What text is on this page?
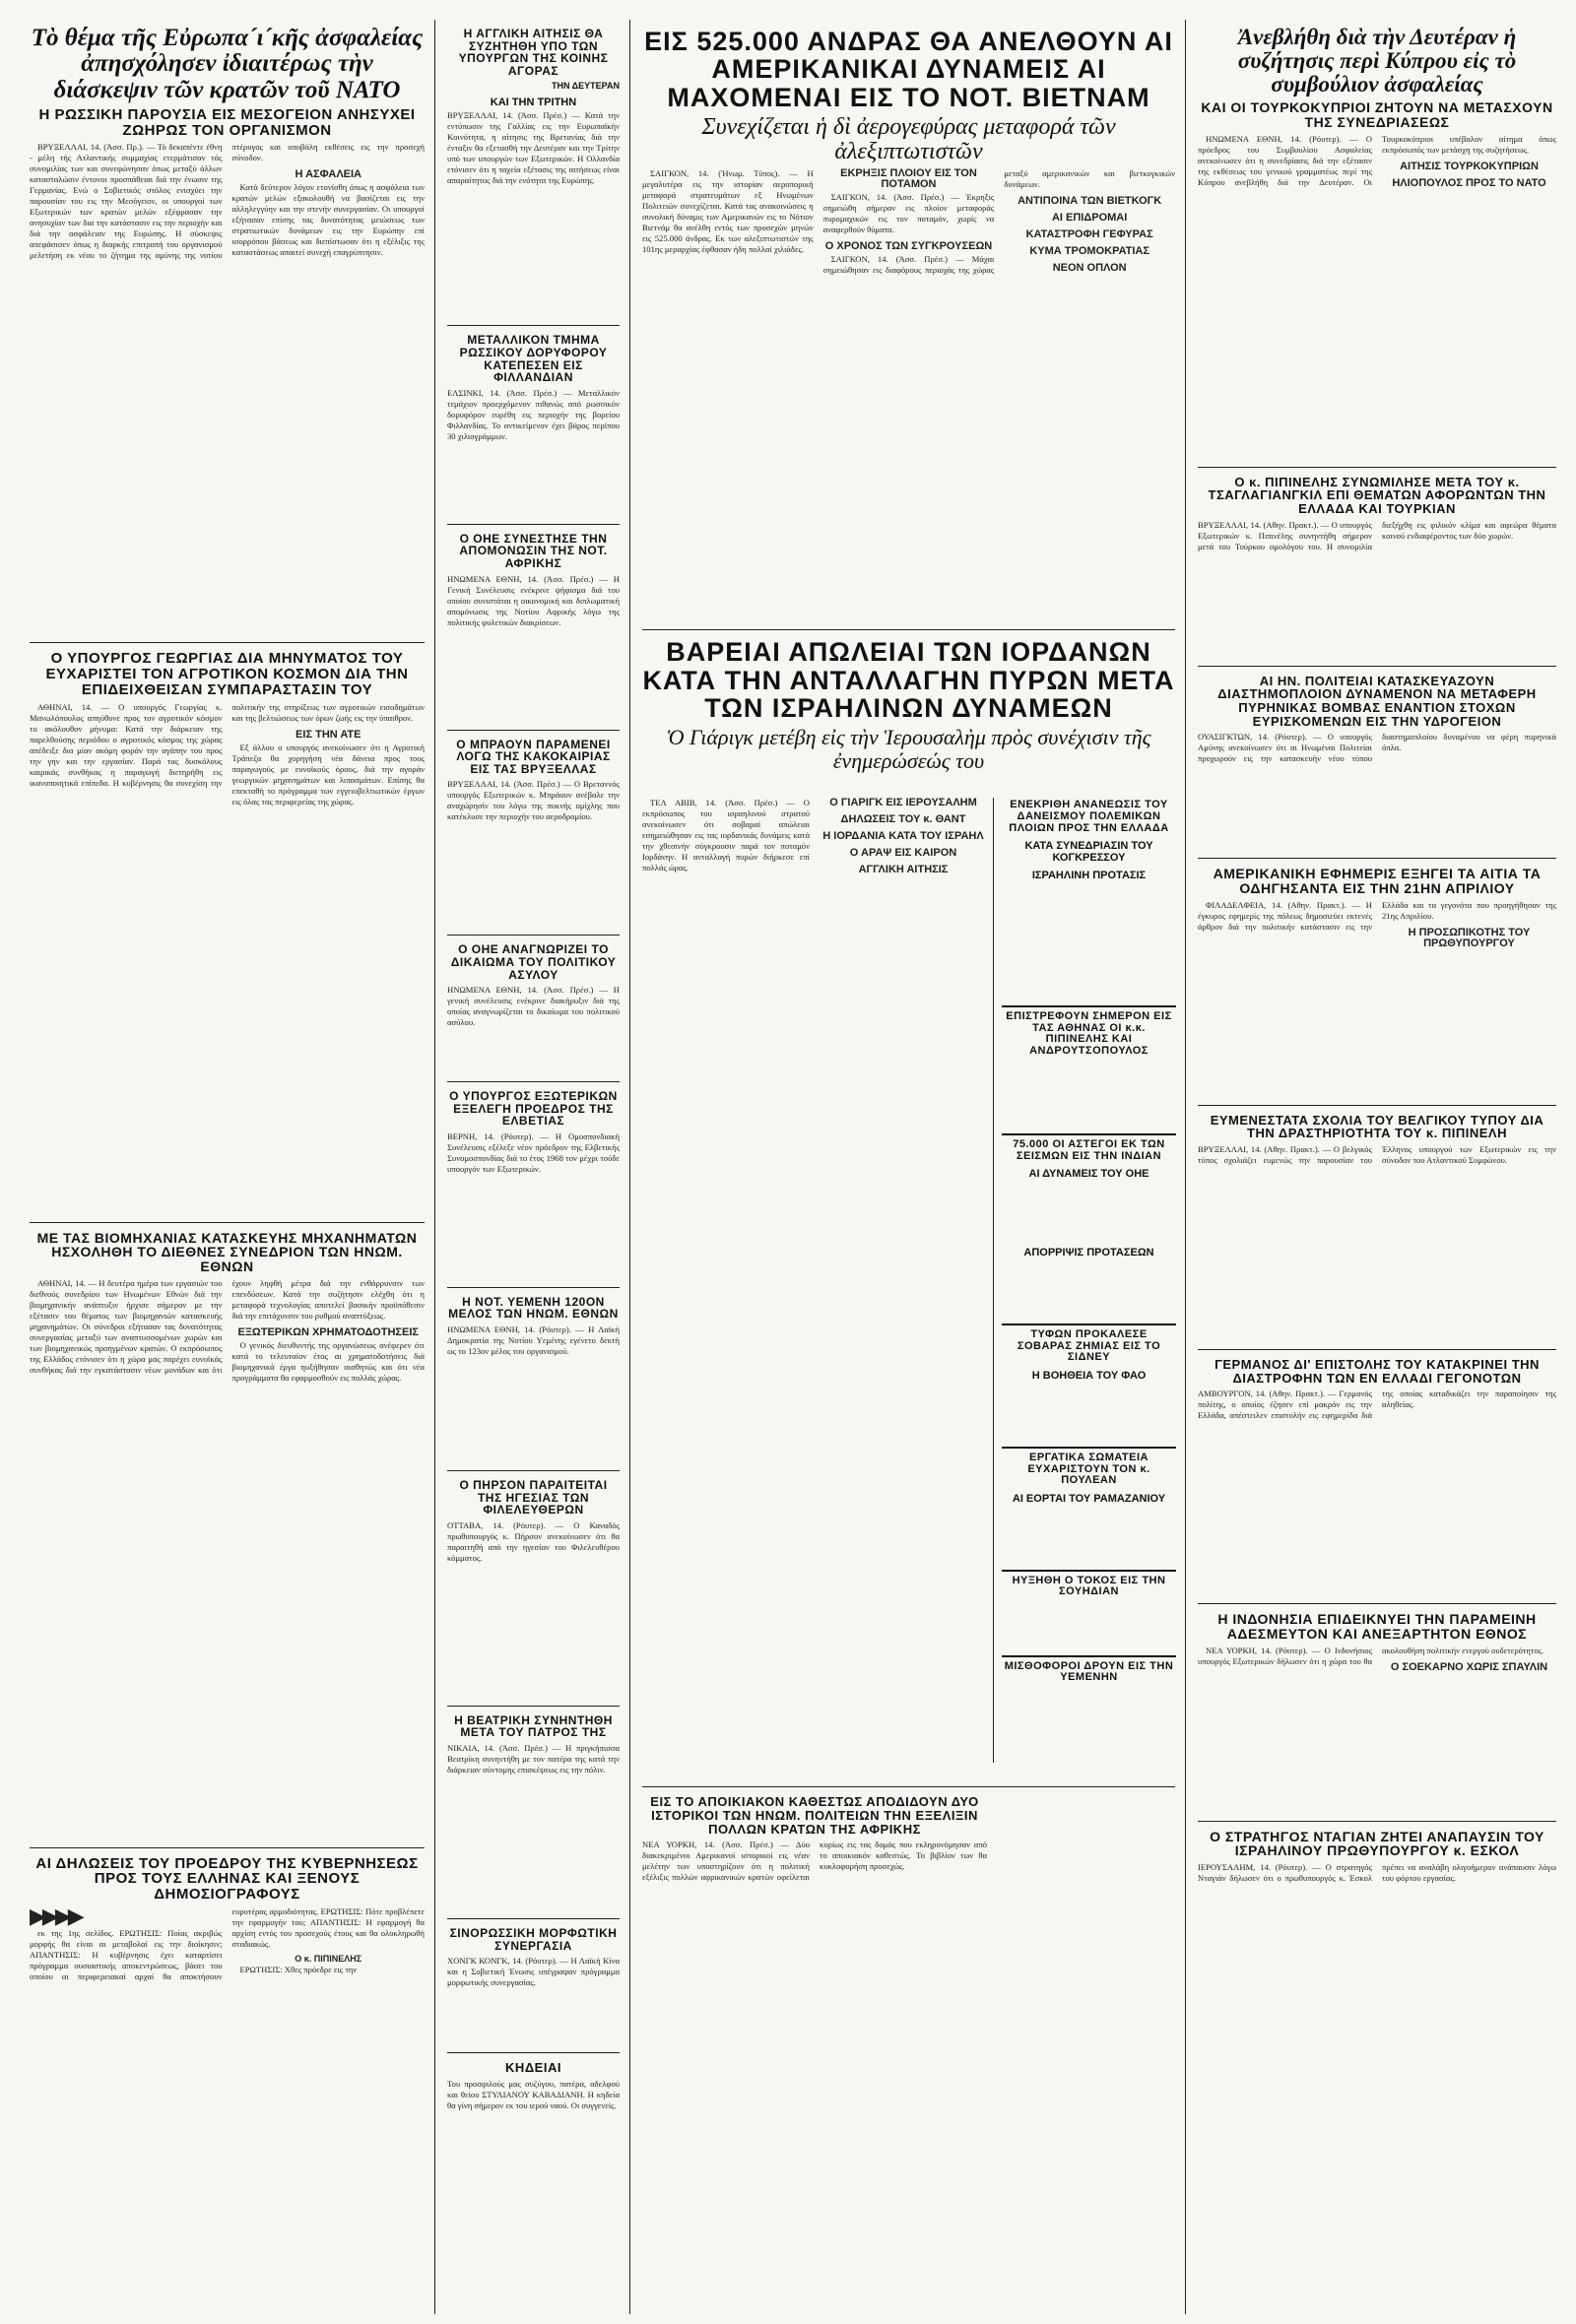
Τὸ θέμα τῆς Εὐρωπα´ι´κῆς ἀσφαλείας ἀπησχόλησεν ἰδιαιτέρως τὴν διάσκεψιν τῶν κρατῶν τοῦ ΝΑΤΟ
Η ΡΩΣΣΙΚΗ ΠΑΡΟΥΣΙΑ ΕΙΣ ΜΕΣΟΓΕΙΟΝ ΑΝΗΣΥΧΕΙ ΖΩΗΡΩΣ ΤΟΝ ΟΡΓΑΝΙΣΜΟΝ

ΒΡΥΞΕΛΛΑΙ, 14. (Ἀσσ. Πρ.). — Τό δεκαπέντε έθνη - μέλη τής Ατλαντικής συμμαχίας ετερμάτισαν τάς συνομιλίας των και συνεφώνησαν όπως μεταξύ άλλων κατασταλώσιν έντονοι προσπάθειαι διά την ένωσιν της Γερμανίας. Ενώ ο Σοβιετικός στόλος ενισχύει την παρουσίαν του εις την Μεσόγειον, οι υπουργοί των Εξωτερικών των κρατών μελών εξέφρασαν την ανησυχίαν των δια την κατάστασιν εις την περιοχήν και διά την ασφάλειαν της Ευρώπης. Η σύσκεψις απεφάσισεν όπως η διαρκής επιτροπή του οργανισμού μελετήση εκ νέου το ζήτημα της αμύνης της νοτίου πτέρυγος και υποβάλη εκθέσεις εις την προσεχή σύνοδον.

Η ΑΣΦΑΛΕΙΑ

Κατά δεύτερον λόγον ετονίσθη όπως η ασφάλεια των κρατών μελών εξακολουθή να βασίζεται εις την αλληλεγγύην και την στενήν συνεργασίαν. Οι υπουργοί εξήτασαν επίσης τας δυνατότητας μειώσεως των στρατιωτικών δυνάμεων εις την Ευρώπην επί ισορρόπου βάσεως και διεπίστωσαν ότι η εξέλιξις της καταστάσεως απαιτεί συνεχή επαγρύπνησιν.

Ο ΥΠΟΥΡΓΟΣ ΓΕΩΡΓΙΑΣ ΔΙΑ ΜΗΝΥΜΑΤΟΣ ΤΟΥ ΕΥΧΑΡΙΣΤΕΙ ΤΟΝ ΑΓΡΟΤΙΚΟΝ ΚΟΣΜΟΝ ΔΙΑ ΤΗΝ ΕΠΙΔΕΙΧΘΕΙΣΑΝ ΣΥΜΠΑΡΑΣΤΑΣΙΝ ΤΟΥ

ΑΘΗΝΑΙ, 14. — Ο υπουργός Γεωργίας κ. Μανωλόπουλος απηύθυνε προς τον αγροτικόν κόσμον το ακόλουθον μήνυμα: Κατά την διάρκειαν της παρελθούσης περιόδου ο αγροτικός κόσμος της χώρας απέδειξε δια μίαν ακόμη φοράν την αγάπην του προς την γην και την εργασίαν. Παρά τας δυσκόλους καιρικάς συνθήκας η παραγωγή διετηρήθη εις ικανοποιητικά επίπεδα. Η κυβέρνησις θα συνεχίση την πολιτικήν της στηρίξεως των αγροτικών εισοδημάτων και της βελτιώσεως των όρων ζωής εις την ύπαιθρον.

ΕΙΣ ΤΗΝ ΑΤΕ

Εξ άλλου ο υπουργός ανεκοίνωσεν ότι η Αγροτική Τράπεζα θα χορηγήση νέα δάνεια προς τους παραγωγούς με ευνοϊκούς όρους, διά την αγοράν γεωργικών μηχανημάτων και λιπασμάτων. Επίσης θα επεκταθή το πρόγραμμα των εγγειοβελτιωτικών έργων εις όλας τας περιφερείας της χώρας.

ΜΕ ΤΑΣ ΒΙΟΜΗΧΑΝΙΑΣ ΚΑΤΑΣΚΕΥΗΣ ΜΗΧΑΝΗΜΑΤΩΝ ΗΣΧΟΛΗΘΗ ΤΟ ΔΙΕΘΝΕΣ ΣΥΝΕΔΡΙΟΝ ΤΩΝ ΗΝΩΜ. ΕΘΝΩΝ

ΑΘΗΝΑΙ, 14. — Η δευτέρα ημέρα των εργασιών του διεθνούς συνεδρίου των Ηνωμένων Εθνών διά την βιομηχανικήν ανάπτυξιν ήρχισε σήμερον με την εξέτασιν του θέματος των βιομηχανιών κατασκευής μηχανημάτων. Οι σύνεδροι εξήτασαν τας δυνατότητας συνεργασίας μεταξύ των αναπτυσσομένων χωρών και των βιομηχανικώς προηγμένων κρατών. Ο εκπρόσωπος της Ελλάδος ετόνισεν ότι η χώρα μας παρέχει ευνοϊκάς συνθήκας διά την εγκατάστασιν νέων μονάδων και ότι έχουν ληφθή μέτρα διά την ενθάρρυνσιν των επενδύσεων. Κατά την συζήτησιν ελέχθη ότι η μεταφορά τεχνολογίας αποτελεί βασικήν προϋπόθεσιν διά την επιτάχυνσιν του ρυθμού αναπτύξεως.

ΕΞΩΤΕΡΙΚΩΝ ΧΡΗΜΑΤΟΔΟΤΗΣΕΙΣ

Ο γενικός διευθυντής της οργανώσεως ανέφερεν ότι κατά το τελευταίον έτος αι χρηματοδοτήσεις διά βιομηχανικά έργα ηυξήθησαν αισθητώς και ότι νέα προγράμματα θα εφαρμοσθούν εις πολλάς χώρας.

ΑΙ ΔΗΛΩΣΕΙΣ ΤΟΥ ΠΡΟΕΔΡΟΥ ΤΗΣ ΚΥΒΕΡΝΗΣΕΩΣ ΠΡΟΣ ΤΟΥΣ ΕΛΛΗΝΑΣ ΚΑΙ ΞΕΝΟΥΣ ΔΗΜΟΣΙΟΓΡΑΦΟΥΣ
▶▶▶▶

εκ της 1ης σελίδος. ΕΡΩΤΗΣΙΣ: Ποίας ακριβώς μορφής θα είναι αι μεταβολαί εις την διοίκησιν; ΑΠΑΝΤΗΣΙΣ: Η κυβέρνησις έχει καταρτίσει πρόγραμμα ουσιαστικής αποκεντρώσεως, βάσει του οποίου αι περιφερειακαί αρχαί θα αποκτήσουν ευρυτέρας αρμοδιότητας. ΕΡΩΤΗΣΙΣ: Πότε προβλέπετε την εφαρμογήν του; ΑΠΑΝΤΗΣΙΣ: Η εφαρμογή θα αρχίση εντός του προσεχούς έτους και θα ολοκληρωθή σταδιακώς.

Ο κ. ΠΙΠΙΝΕΛΗΣ

ΕΡΩΤΗΣΙΣ: Χθες πρόεδρε εις την

Η ΑΓΓΛΙΚΗ ΑΙΤΗΣΙΣ ΘΑ ΣΥΖΗΤΗΘΗ ΥΠΟ ΤΩΝ ΥΠΟΥΡΓΩΝ ΤΗΣ ΚΟΙΝΗΣ ΑΓΟΡΑΣ
ΤΗΝ ΔΕΥΤΕΡΑΝ
ΚΑΙ ΤΗΝ ΤΡΙΤΗΝ
ΒΡΥΞΕΛΛΑΙ, 14. (Ἀσσ. Πρέσ.) — Κατά την εντύπωσιν της Γαλλίας εις την Ευρωπαϊκήν Κοινότητα, η αίτησις της Βρετανίας διά την ένταξιν θα εξετασθή την Δευτέραν και την Τρίτην υπό των υπουργών των Εξωτερικών. Η Ολλανδία ετόνισεν ότι η ταχεία εξέτασις της αιτήσεως είναι απαραίτητος διά την ενότητα της Ευρώπης.
ΜΕΤΑΛΛΙΚΟΝ ΤΜΗΜΑ ΡΩΣΣΙΚΟΥ ΔΟΡΥΦΟΡΟΥ ΚΑΤΕΠΕΣΕΝ ΕΙΣ ΦΙΛΛΑΝΔΙΑΝ
ΕΛΣΙΝΚΙ, 14. (Ἀσσ. Πρέσ.) — Μεταλλικόν τεμάχιον προερχόμενον πιθανώς από ρωσσικόν δορυφόρον ευρέθη εις περιοχήν της βορείου Φιλλανδίας. Το αντικείμενον έχει βάρος περίπου 30 χιλιογράμμων.
Ο ΟΗΕ ΣΥΝΕΣΤΗΣΕ ΤΗΝ ΑΠΟΜΟΝΩΣΙΝ ΤΗΣ ΝΟΤ. ΑΦΡΙΚΗΣ
ΗΝΩΜΕΝΑ ΕΘΝΗ, 14. (Ἀσσ. Πρέσ.) — Η Γενική Συνέλευσις ενέκρινε ψήφισμα διά του οποίου συνιστάται η οικονομική και διπλωματική απομόνωσις της Νοτίου Αφρικής λόγω της πολιτικής φυλετικών διακρίσεων.
Ο ΜΠΡΑΟΥΝ ΠΑΡΑΜΕΝΕΙ ΛΟΓΩ ΤΗΣ ΚΑΚΟΚΑΙΡΙΑΣ ΕΙΣ ΤΑΣ ΒΡΥΞΕΛΛΑΣ
ΒΡΥΞΕΛΛΑΙ, 14. (Ἀσσ. Πρέσ.) — Ο Βρεταννός υπουργός Εξωτερικών κ. Μπράουν ανέβαλε την αναχώρησίν του λόγω της πυκνής ομίχλης που κατέκλυσε την περιοχήν του αεροδρομίου.
Ο ΟΗΕ ΑΝΑΓΝΩΡΙΖΕΙ ΤΟ ΔΙΚΑΙΩΜΑ ΤΟΥ ΠΟΛΙΤΙΚΟΥ ΑΣΥΛΟΥ
ΗΝΩΜΕΝΑ ΕΘΝΗ, 14. (Ἀσσ. Πρέσ.) — Η γενική συνέλευσις ενέκρινε διακήρυξιν διά της οποίας αναγνωρίζεται το δικαίωμα του πολιτικού ασύλου.
Ο ΥΠΟΥΡΓΟΣ ΕΞΩΤΕΡΙΚΩΝ ΕΞΕΛΕΓΗ ΠΡΟΕΔΡΟΣ ΤΗΣ ΕΛΒΕΤΙΑΣ
ΒΕΡΝΗ, 14. (Ρόυτερ). — Η Ομοσπονδιακή Συνέλευσις εξέλεξε νέον πρόεδρον της Ελβετικής Συνομοσπονδίας διά το έτος 1968 τον μέχρι τούδε υπουργόν των Εξωτερικών.
Η ΝΟΤ. ΥΕΜΕΝΗ 120ΟΝ ΜΕΛΟΣ ΤΩΝ ΗΝΩΜ. ΕΘΝΩΝ
ΗΝΩΜΕΝΑ ΕΘΝΗ, 14. (Ρόυτερ). — Η Λαϊκή Δημοκρατία της Νοτίου Υεμένης εγένετο δεκτή ως το 123ον μέλος του οργανισμού.
Ο ΠΗΡΣΟΝ ΠΑΡΑΙΤΕΙΤΑΙ ΤΗΣ ΗΓΕΣΙΑΣ ΤΩΝ ΦΙΛΕΛΕΥΘΕΡΩΝ
ΟΤΤΑΒΑ, 14. (Ρόυτερ). — Ο Καναδός πρωθυπουργός κ. Πήρσον ανεκοίνωσεν ότι θα παραιτηθή από την ηγεσίαν του Φιλελευθέρου κόμματος.
Η ΒΕΑΤΡΙΚΗ ΣΥΝΗΝΤΗΘΗ ΜΕΤΑ ΤΟΥ ΠΑΤΡΟΣ ΤΗΣ
ΝΙΚΑΙΑ, 14. (Ἀσσ. Πρέσ.) — Η πριγκήπισσα Βεατρίκη συνηντήθη με τον πατέρα της κατά την διάρκειαν σύντομης επισκέψεως εις την πόλιν.
ΣΙΝΟΡΩΣΣΙΚΗ ΜΟΡΦΩΤΙΚΗ ΣΥΝΕΡΓΑΣΙΑ
ΧΟΝΓΚ ΚΟΝΓΚ, 14. (Ρόυτερ). — Η Λαϊκή Κίνα και η Σοβιετική Ένωσις υπέγραψαν πρόγραμμα μορφωτικής συνεργασίας.
ΚΗΔΕΙΑΙ
Του προσφιλούς μας συζύγου, πατέρα, αδελφού και θείου ΣΤΥΛΙΑΝΟΥ ΚΑΒΑΔΙΑΝΗ. Η κηδεία θα γίνη σήμερον εκ του ιερού ναού. Οι συγγενείς.
ΕΙΣ 525.000 ΑΝΔΡΑΣ ΘΑ ΑΝΕΛΘΟΥΝ ΑΙ ΑΜΕΡΙΚΑΝΙΚΑΙ ΔΥΝΑΜΕΙΣ ΑΙ ΜΑΧΟΜΕΝΑΙ ΕΙΣ ΤΟ ΝΟΤ. ΒΙΕΤΝΑΜ
Συνεχίζεται ἡ δὶ ἀερογεφύρας μεταφορά τῶν ἀλεξιπτωτιστῶν

ΣΑΙΓΚΟΝ, 14. (Ἡνωμ. Τύπος). — Η μεγαλυτέρα εις την ιστορίαν αεροπορική μεταφορά στρατευμάτων εξ Ηνωμένων Πολιτειών συνεχίζεται. Κατά τας ανακοινώσεις η συνολική δύναμις των Αμερικανών εις το Νότιον Βιετνάμ θα ανέλθη εντός των προσεχών μηνών εις 525.000 άνδρας. Εκ των αλεξιπτωτιστών της 101ης μεραρχίας έφθασαν ήδη πολλαί χιλιάδες.

ΕΚΡΗΞΙΣ ΠΛΟΙΟΥ ΕΙΣ ΤΟΝ ΠΟΤΑΜΟΝ

ΣΑΙΓΚΟΝ, 14. (Ἀσσ. Πρέσ.) — Έκρηξις σημειώθη σήμερον εις πλοίον μεταφοράς πυρομαχικών εις τον ποταμόν, χωρίς να αναφερθούν θύματα.

Ο ΧΡΟΝΟΣ ΤΩΝ ΣΥΓΚΡΟΥΣΕΩΝ

ΣΑΙΓΚΟΝ, 14. (Ἀσσ. Πρέσ.) — Μάχαι σημειώθησαν εις διαφόρους περιοχάς της χώρας μεταξύ αμερικανικών και βιετκογκικών δυνάμεων.

ΑΝΤΙΠΟΙΝΑ ΤΩΝ ΒΙΕΤΚΟΓΚ
ΑΙ ΕΠΙΔΡΟΜΑΙ
ΚΑΤΑΣΤΡΟΦΗ ΓΕΦΥΡΑΣ
ΚΥΜΑ ΤΡΟΜΟΚΡΑΤΙΑΣ
ΝΕΟΝ ΟΠΛΟΝ
ΒΑΡΕΙΑΙ ΑΠΩΛΕΙΑΙ ΤΩΝ ΙΟΡΔΑΝΩΝ ΚΑΤΑ ΤΗΝ ΑΝΤΑΛΛΑΓΗΝ ΠΥΡΩΝ ΜΕΤΑ ΤΩΝ ΙΣΡΑΗΛΙΝΩΝ ΔΥΝΑΜΕΩΝ
Ὁ Γιάριγκ μετέβη εἰς τὴν Ἱερουσαλὴμ πρὸς συνέχισιν τῆς ἐνημερώσεώς του

ΤΕΛ ΑΒΙΒ, 14. (Ἀσσ. Πρέσ.) — Ο εκπρόσωπος του ισραηλινού στρατού ανεκοίνωσεν ότι σοβαραί απώλειαι εσημειώθησαν εις τας ιορδανικάς δυνάμεις κατά την χθεσινήν σύγκρουσιν παρά τον ποταμόν Ιορδάνην. Η ανταλλαγή πυρών διήρκεσε επί πολλάς ώρας.

Ο ΓΙΑΡΙΓΚ ΕΙΣ ΙΕΡΟΥΣΑΛΗΜ
ΔΗΛΩΣΕΙΣ ΤΟΥ κ. ΘΑΝΤ
Η ΙΟΡΔΑΝΙΑ ΚΑΤΑ ΤΟΥ ΙΣΡΑΗΛ
Ο ΑΡΑΨ ΕΙΣ ΚΑΙΡΟΝ
ΑΓΓΛΙΚΗ ΑΙΤΗΣΙΣ
ΕΝΕΚΡΙΘΗ ΑΝΑΝΕΩΣΙΣ ΤΟΥ ΔΑΝΕΙΣΜΟΥ ΠΟΛΕΜΙΚΩΝ ΠΛΟΙΩΝ ΠΡΟΣ ΤΗΝ ΕΛΛΑΔΑ
ΚΑΤΑ ΣΥΝΕΔΡΙΑΣΙΝ ΤΟΥ ΚΟΓΚΡΕΣΣΟΥ
ΙΣΡΑΗΛΙΝΗ ΠΡΟΤΑΣΙΣ
ΕΠΙΣΤΡΕΦΟΥΝ ΣΗΜΕΡΟΝ ΕΙΣ ΤΑΣ ΑΘΗΝΑΣ ΟΙ κ.κ. ΠΙΠΙΝΕΛΗΣ ΚΑΙ ΑΝΔΡΟΥΤΣΟΠΟΥΛΟΣ
75.000 ΟΙ ΑΣΤΕΓΟΙ ΕΚ ΤΩΝ ΣΕΙΣΜΩΝ ΕΙΣ ΤΗΝ ΙΝΔΙΑΝ
ΑΙ ΔΥΝΑΜΕΙΣ ΤΟΥ ΟΗΕ
ΑΠΟΡΡΙΨΙΣ ΠΡΟΤΑΣΕΩΝ
ΤΥΦΩΝ ΠΡΟΚΑΛΕΣΕ ΣΟΒΑΡΑΣ ΖΗΜΙΑΣ ΕΙΣ ΤΟ ΣΙΔΝΕΥ
Η ΒΟΗΘΕΙΑ ΤΟΥ ΦΑΟ
ΕΡΓΑΤΙΚΑ ΣΩΜΑΤΕΙΑ ΕΥΧΑΡΙΣΤΟΥΝ ΤΟΝ κ. ΠΟΥΛΕΑΝ
ΑΙ ΕΟΡΤΑΙ ΤΟΥ ΡΑΜΑΖΑΝΙΟΥ
ΗΥΞΗΘΗ Ο ΤΟΚΟΣ ΕΙΣ ΤΗΝ ΣΟΥΗΔΙΑΝ
ΜΙΣΘΟΦΟΡΟΙ ΔΡΟΥΝ ΕΙΣ ΤΗΝ ΥΕΜΕΝΗΝ
ΕΙΣ ΤΟ ΑΠΟΙΚΙΑΚΟΝ ΚΑΘΕΣΤΩΣ ΑΠΟΔΙΔΟΥΝ ΔΥΟ ΙΣΤΟΡΙΚΟΙ ΤΩΝ ΗΝΩΜ. ΠΟΛΙΤΕΙΩΝ ΤΗΝ ΕΞΕΛΙΞΙΝ ΠΟΛΛΩΝ ΚΡΑΤΩΝ ΤΗΣ ΑΦΡΙΚΗΣ
ΝΕΑ ΥΟΡΚΗ, 14. (Ἀσσ. Πρέσ.) — Δύο διακεκριμένοι Αμερικανοί ιστορικοί εις νέαν μελέτην των υποστηρίζουν ότι η πολιτική εξέλιξις πολλών αφρικανικών κρατών οφείλεται κυρίως εις τας δομάς που εκληρονόμησαν από το αποικιακόν καθεστώς. Το βιβλίον των θα κυκλοφορήση προσεχώς.
Ἀνεβλήθη διὰ τὴν Δευτέραν ἡ συζήτησις περὶ Κύπρου εἰς τὸ συμβούλιον ἀσφαλείας
ΚΑΙ ΟΙ ΤΟΥΡΚΟΚΥΠΡΙΟΙ ΖΗΤΟΥΝ ΝΑ ΜΕΤΑΣΧΟΥΝ ΤΗΣ ΣΥΝΕΔΡΙΑΣΕΩΣ

ΗΝΩΜΕΝΑ ΕΘΝΗ, 14. (Ρόυτερ). — Ο πρόεδρος του Συμβουλίου Ασφαλείας ανεκοίνωσεν ότι η συνεδρίασις διά την εξέτασιν της εκθέσεως του γενικού γραμματέως περί της Κύπρου ανεβλήθη διά την Δευτέραν. Οι Τουρκοκύπριοι υπέβαλον αίτημα όπως εκπρόσωπός των μετάσχη της συζητήσεως.

ΑΙΤΗΣΙΣ ΤΟΥΡΚΟΚΥΠΡΙΩΝ
ΗΛΙΟΠΟΥΛΟΣ ΠΡΟΣ ΤΟ ΝΑΤΟ
Ο κ. ΠΙΠΙΝΕΛΗΣ ΣΥΝΩΜΙΛΗΣΕ ΜΕΤΑ ΤΟΥ κ. ΤΣΑΓΛΑΓΙΑΝΓΚΙΛ ΕΠΙ ΘΕΜΑΤΩΝ ΑΦΟΡΩΝΤΩΝ ΤΗΝ ΕΛΛΑΔΑ ΚΑΙ ΤΟΥΡΚΙΑΝ
ΒΡΥΞΕΛΛΑΙ, 14. (Αθην. Πρακτ.). — Ο υπουργός Εξωτερικών κ. Πιπινέλης συνηντήθη σήμερον μετά του Τούρκου ομολόγου του. Η συνομιλία διεξήχθη εις φιλικόν κλίμα και αφεώρα θέματα κοινού ενδιαφέροντος των δύο χωρών.
ΑΙ ΗΝ. ΠΟΛΙΤΕΙΑΙ ΚΑΤΑΣΚΕΥΑΖΟΥΝ ΔΙΑΣΤΗΜΟΠΛΟΙΟΝ ΔΥΝΑΜΕΝΟΝ ΝΑ ΜΕΤΑΦΕΡΗ ΠΥΡΗΝΙΚΑΣ ΒΟΜΒΑΣ ΕΝΑΝΤΙΟΝ ΣΤΟΧΩΝ ΕΥΡΙΣΚΟΜΕΝΩΝ ΕΙΣ ΤΗΝ ΥΔΡΟΓΕΙΟΝ
ΟΥΑΣΙΓΚΤΩΝ, 14. (Ρόυτερ). — Ο υπουργός Αμύνης ανεκοίνωσεν ότι αι Ηνωμέναι Πολιτείαι προχωρούν εις την κατασκευήν νέου τύπου διαστημοπλοίου δυναμένου να φέρη πυρηνικά όπλα.
ΑΜΕΡΙΚΑΝΙΚΗ ΕΦΗΜΕΡΙΣ ΕΞΗΓΕΙ ΤΑ ΑΙΤΙΑ ΤΑ ΟΔΗΓΗΣΑΝΤΑ ΕΙΣ ΤΗΝ 21ΗΝ ΑΠΡΙΛΙΟΥ

ΦΙΛΑΔΕΛΦΕΙΑ, 14. (Αθην. Πρακτ.). — Η έγκυρος εφημερίς της πόλεως δημοσιεύει εκτενές άρθρον διά την πολιτικήν κατάστασιν εις την Ελλάδα και τα γεγονότα που προηγήθησαν της 21ης Απριλίου.

Η ΠΡΟΣΩΠΙΚΟΤΗΣ ΤΟΥ ΠΡΩΘΥΠΟΥΡΓΟΥ
ΕΥΜΕΝΕΣΤΑΤΑ ΣΧΟΛΙΑ ΤΟΥ ΒΕΛΓΙΚΟΥ ΤΥΠΟΥ ΔΙΑ ΤΗΝ ΔΡΑΣΤΗΡΙΟΤΗΤΑ ΤΟΥ κ. ΠΙΠΙΝΕΛΗ
ΒΡΥΞΕΛΛΑΙ, 14. (Αθην. Πρακτ.). — Ο βελγικός τύπος σχολιάζει ευμενώς την παρουσίαν του Έλληνος υπουργού των Εξωτερικών εις την σύνοδον του Ατλαντικού Συμφώνου.
ΓΕΡΜΑΝΟΣ ΔΙ' ΕΠΙΣΤΟΛΗΣ ΤΟΥ ΚΑΤΑΚΡΙΝΕΙ ΤΗΝ ΔΙΑΣΤΡΟΦΗΝ ΤΩΝ ΕΝ ΕΛΛΑΔΙ ΓΕΓΟΝΟΤΩΝ
ΑΜΒΟΥΡΓΟΝ, 14. (Αθην. Πρακτ.). — Γερμανός πολίτης, ο οποίος έζησεν επί μακρόν εις την Ελλάδα, απέστειλεν επιστολήν εις εφημερίδα διά της οποίας καταδικάζει την παραποίησιν της αληθείας.
Η ΙΝΔΟΝΗΣΙΑ ΕΠΙΔΕΙΚΝΥΕΙ ΤΗΝ ΠΑΡΑΜΕΙΝΗ ΑΔΕΣΜΕΥΤΟΝ ΚΑΙ ΑΝΕΞΑΡΤΗΤΟΝ ΕΘΝΟΣ

ΝΕΑ ΥΟΡΚΗ, 14. (Ρόυτερ). — Ο Ινδονήσιος υπουργός Εξωτερικών δήλωσεν ότι η χώρα του θα ακολουθήση πολιτικήν ενεργού ουδετερότητος.

Ο ΣΟΕΚΑΡΝΟ ΧΩΡΙΣ ΣΠΑΥΛΙΝ
Ο ΣΤΡΑΤΗΓΟΣ ΝΤΑΓΙΑΝ ΖΗΤΕΙ ΑΝΑΠΑΥΣΙΝ ΤΟΥ ΙΣΡΑΗΛΙΝΟΥ ΠΡΩΘΥΠΟΥΡΓΟΥ κ. ΕΣΚΟΛ
ΙΕΡΟΥΣΑΛΗΜ, 14. (Ρόυτερ). — Ο στρατηγός Νταγιάν δήλωσεν ότι ο πρωθυπουργός κ. Έσκολ πρέπει να αναλάβη ολιγοήμερον ανάπαυσιν λόγω του φόρτου εργασίας.
